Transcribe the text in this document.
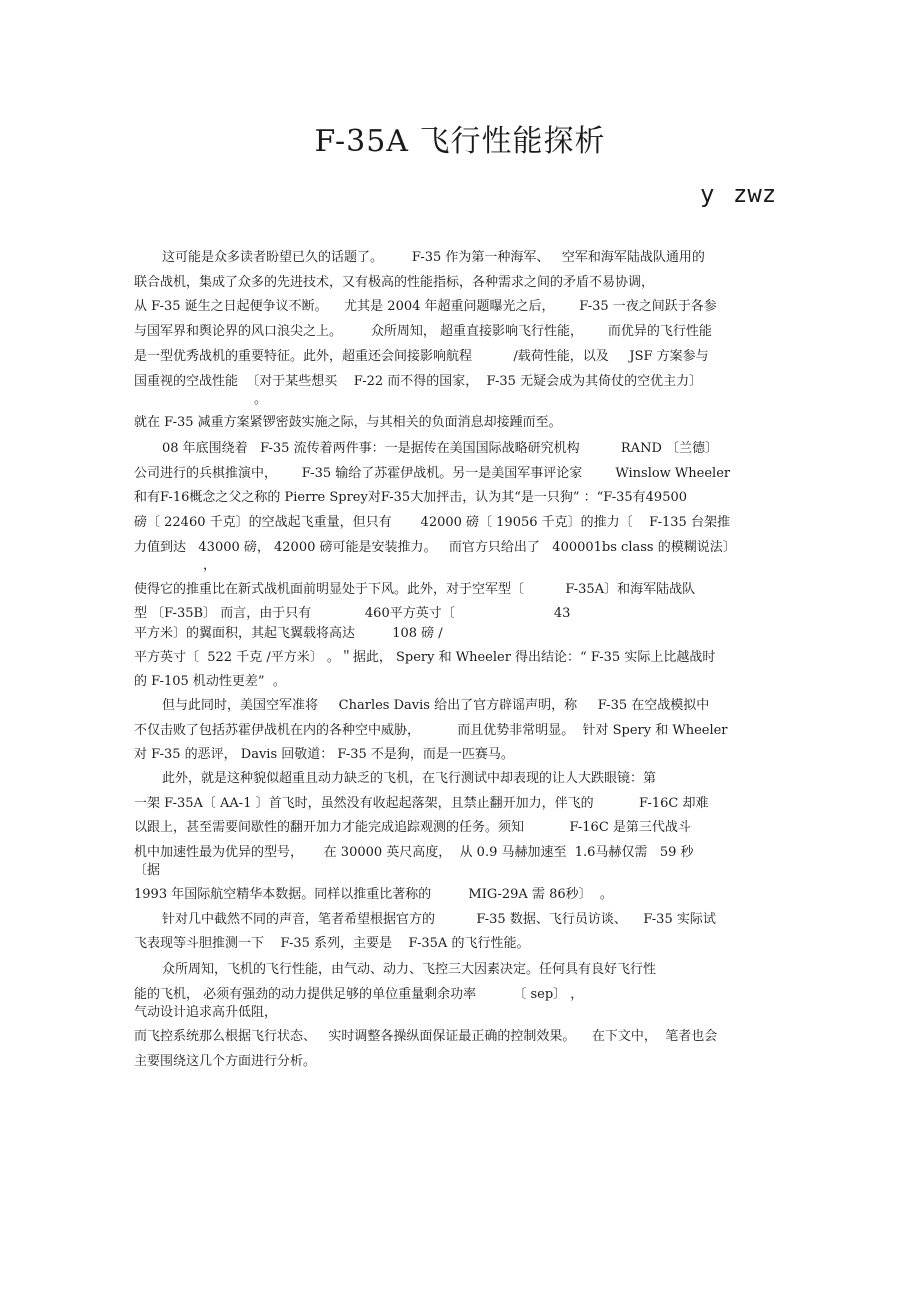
F-35A 飞行性能探析
y zwz
这可能是众多读者盼望已久的话题了。       F-35 作为第一种海军、   空军和海军陆战队通用的
联合战机，集成了众多的先进技术，又有极高的性能指标，各种需求之间的矛盾不易协调，
从 F-35 诞生之日起便争议不断。    尤其是 2004 年超重问题曝光之后，      F-35 一夜之间跃于各参
与国军界和舆论界的风口浪尖之上。       众所周知， 超重直接影响飞行性能，      而优异的飞行性能
是一型优秀战机的重要特征。此外，超重还会间接影响航程          /载荷性能，以及     JSF 方案参与
国重视的空战性能  〔对于某些想买    F-22 而不得的国家，  F-35 无疑会成为其倚仗的空优主力〕
。
就在 F-35 减重方案紧锣密鼓实施之际，与其相关的负面消息却接踵而至。
08 年底围绕着   F-35 流传着两件事：一是据传在美国国际战略研究机构          RAND 〔兰德〕
公司进行的兵棋推演中，      F-35 输给了苏霍伊战机。另一是美国军事评论家        Winslow Wheeler
和有F-16概念之父之称的 Pierre Sprey对F-35大加抨击，认为其“是一只狗” ：“F-35有49500
磅〔 22460 千克〕的空战起飞重量，但只有       42000 磅〔 19056 千克〕的推力〔    F-135 台架推
力值到达   43000 磅， 42000 磅可能是安装推力。   而官方只给出了   400001bs class 的模糊说法〕
，
使得它的推重比在新式战机面前明显处于下风。此外，对于空军型〔          F-35A〕和海军陆战队
型 〔F-35B〕 而言，由于只有             460平方英寸〔                        43
平方米〕的翼面积，其起飞翼载将高达         108 磅 /
平方英寸〔  522 千克 /平方米〕 。＂据此， Spery 和 Wheeler 得出结论：“ F-35 实际上比越战时
的 F-105 机动性更差”  。
但与此同时，美国空军准将     Charles Davis 给出了官方辟谣声明，称     F-35 在空战模拟中
不仅击败了包括苏霍伊战机在内的各种空中威胁，         而且优势非常明显。  针对 Spery 和 Wheeler
对 F-35 的恶评， Davis 回敬道： F-35 不是狗，而是一匹赛马。
此外，就是这种貌似超重且动力缺乏的飞机，在飞行测试中却表现的让人大跌眼镜：第
一架 F-35A〔 AA-1 〕首飞时，虽然没有收起起落架，且禁止翻开加力，伴飞的           F-16C 却难
以跟上，甚至需要间歇性的翻开加力才能完成追踪观测的任务。须知           F-16C 是第三代战斗
机中加速性最为优异的型号，     在 30000 英尺高度，  从 0.9 马赫加速至  1.6马赫仅需   59 秒
〔据
1993 年国际航空精华本数据。同样以推重比著称的         MIG-29A 需 86秒〕  。
针对几中截然不同的声音，笔者希望根据官方的          F-35 数据、飞行员访谈、    F-35 实际试
飞表现等斗胆推测一下    F-35 系列，主要是    F-35A 的飞行性能。
众所周知，飞机的飞行性能，由气动、动力、飞控三大因素决定。任何具有良好飞行性
能的飞机， 必须有强劲的动力提供足够的单位重量剩余功率         〔 sep〕 ，
气动设计追求高升低阻，
而飞控系统那么根据飞行状态、   实时调整各操纵面保证最正确的控制效果。    在下文中，  笔者也会
主要围绕这几个方面进行分析。
